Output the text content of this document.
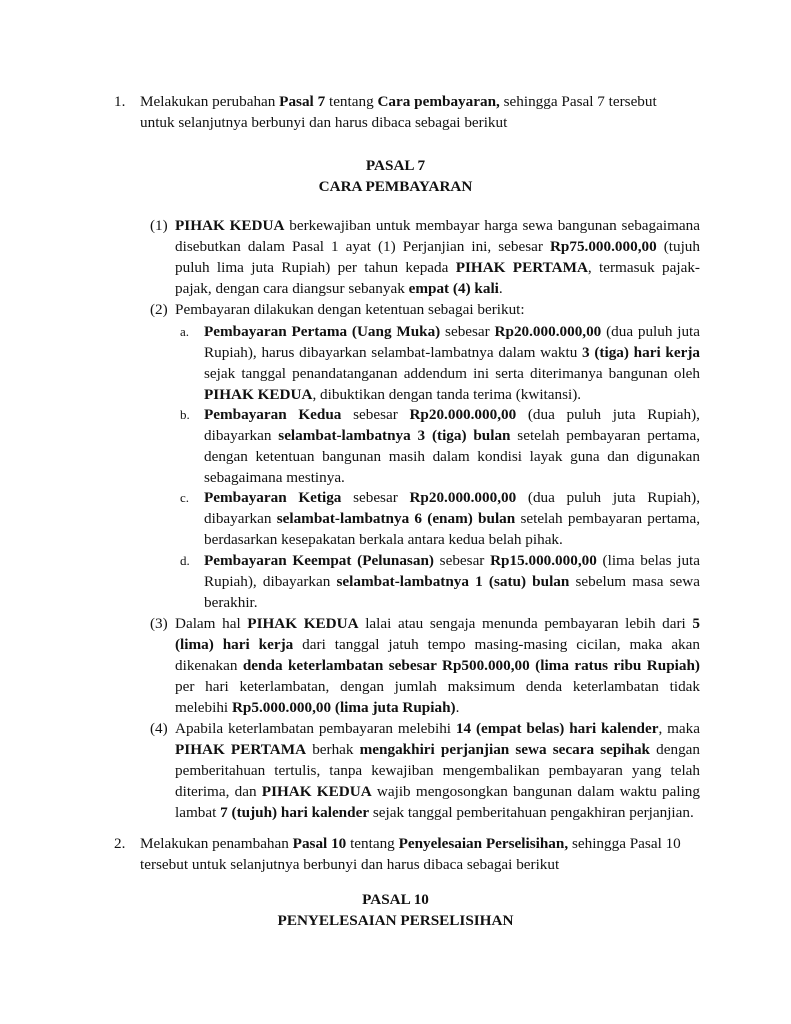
1. Melakukan perubahan Pasal 7 tentang Cara pembayaran, sehingga Pasal 7 tersebut
untuk selanjutnya berbunyi dan harus dibaca sebagai berikut
PASAL 7
CARA PEMBAYARAN
(1) PIHAK KEDUA berkewajiban untuk membayar harga sewa bangunan sebagaimana
disebutkan dalam Pasal 1 ayat (1) Perjanjian ini, sebesar Rp75.000.000,00 (tujuh
puluh lima juta Rupiah) per tahun kepada PIHAK PERTAMA, termasuk pajak-
pajak, dengan cara diangsur sebanyak empat (4) kali.
(2) Pembayaran dilakukan dengan ketentuan sebagai berikut:
a. Pembayaran Pertama (Uang Muka) sebesar Rp20.000.000,00 (dua puluh juta
Rupiah), harus dibayarkan selambat-lambatnya dalam waktu 3 (tiga) hari kerja
sejak tanggal penandatanganan addendum ini serta diterimanya bangunan oleh
PIHAK KEDUA, dibuktikan dengan tanda terima (kwitansi).
b. Pembayaran Kedua sebesar Rp20.000.000,00 (dua puluh juta Rupiah),
dibayarkan selambat-lambatnya 3 (tiga) bulan setelah pembayaran pertama,
dengan ketentuan bangunan masih dalam kondisi layak guna dan digunakan
sebagaimana mestinya.
c. Pembayaran Ketiga sebesar Rp20.000.000,00 (dua puluh juta Rupiah),
dibayarkan selambat-lambatnya 6 (enam) bulan setelah pembayaran pertama,
berdasarkan kesepakatan berkala antara kedua belah pihak.
d. Pembayaran Keempat (Pelunasan) sebesar Rp15.000.000,00 (lima belas juta
Rupiah), dibayarkan selambat-lambatnya 1 (satu) bulan sebelum masa sewa
berakhir.
(3) Dalam hal PIHAK KEDUA lalai atau sengaja menunda pembayaran lebih dari 5
(lima) hari kerja dari tanggal jatuh tempo masing-masing cicilan, maka akan
dikenakan denda keterlambatan sebesar Rp500.000,00 (lima ratus ribu Rupiah)
per hari keterlambatan, dengan jumlah maksimum denda keterlambatan tidak
melebihi Rp5.000.000,00 (lima juta Rupiah).
(4) Apabila keterlambatan pembayaran melebihi 14 (empat belas) hari kalender, maka
PIHAK PERTAMA berhak mengakhiri perjanjian sewa secara sepihak dengan
pemberitahuan tertulis, tanpa kewajiban mengembalikan pembayaran yang telah
diterima, dan PIHAK KEDUA wajib mengosongkan bangunan dalam waktu paling
lambat 7 (tujuh) hari kalender sejak tanggal pemberitahuan pengakhiran perjanjian.
2. Melakukan penambahan Pasal 10 tentang Penyelesaian Perselisihan, sehingga Pasal 10
tersebut untuk selanjutnya berbunyi dan harus dibaca sebagai berikut
PASAL 10
PENYELESAIAN PERSELISIHAN
